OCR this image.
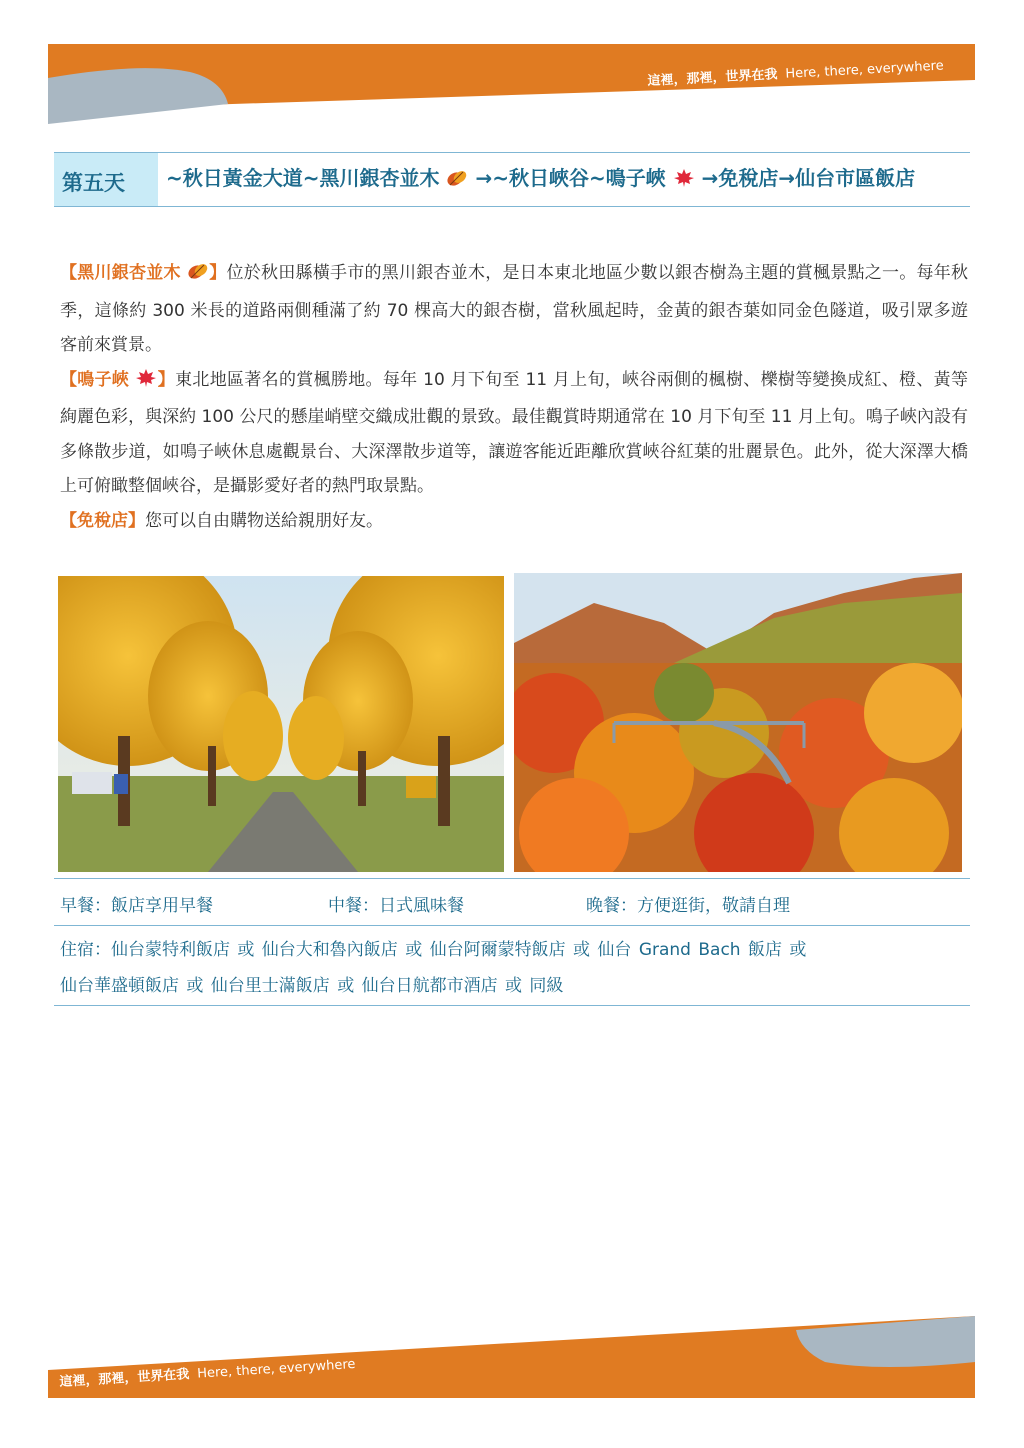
這裡，那裡，世界在我 Here, there, everywhere
第五天	~秋日黃金大道~黑川銀杏並木 →~秋日峽谷~鳴子峽 →免稅店→仙台市區飯店
【黑川銀杏並木 】位於秋田縣橫手市的黑川銀杏並木，是日本東北地區少數以銀杏樹為主題的賞楓景點之一。每年秋季，這條約 300 米長的道路兩側種滿了約 70 棵高大的銀杏樹，當秋風起時，金黃的銀杏葉如同金色隧道，吸引眾多遊客前來賞景。
【鳴子峽 】東北地區著名的賞楓勝地。每年 10 月下旬至 11 月上旬，峽谷兩側的楓樹、櫟樹等變換成紅、橙、黃等絢麗色彩，與深約 100 公尺的懸崖峭壁交織成壯觀的景致。最佳觀賞時期通常在 10 月下旬至 11 月上旬。鳴子峽內設有多條散步道，如鳴子峽休息處觀景台、大深澤散步道等，讓遊客能近距離欣賞峽谷紅葉的壯麗景色。此外，從大深澤大橋上可俯瞰整個峽谷，是攝影愛好者的熱門取景點。
【免稅店】您可以自由購物送給親朋好友。
早餐：飯店享用早餐	中餐：日式風味餐	晚餐：方便逛街，敬請自理
住宿：仙台蒙特利飯店 或 仙台大和魯內飯店 或 仙台阿爾蒙特飯店 或 仙台 Grand Bach 飯店 或
仙台華盛頓飯店 或 仙台里士滿飯店 或 仙台日航都市酒店 或 同級
這裡，那裡，世界在我 Here, there, everywhere
